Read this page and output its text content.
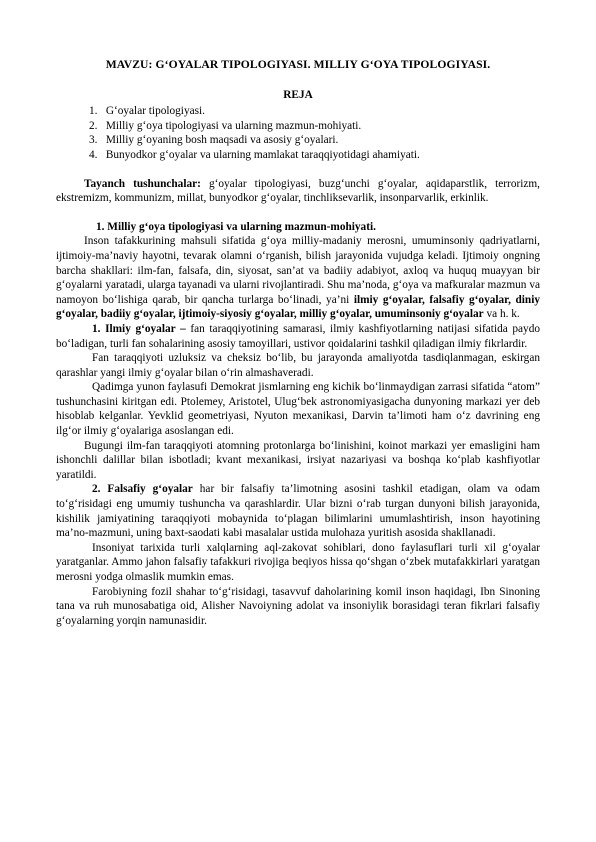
MAVZU: G‘OYALAR TIPOLOGIYASI. MILLIY G‘OYA TIPOLOGIYASI.
REJA
1. G‘oyalar tipologiyasi.
2. Milliy g‘oya tipologiyasi va ularning mazmun-mohiyati.
3. Milliy g‘oyaning bosh maqsadi va asosiy g‘oyalari.
4. Bunyodkor g‘oyalar va ularning mamlakat taraqqiyotidagi ahamiyati.

Tayanch tushunchalar: g‘oyalar tipologiyasi, buzg‘unchi g‘oyalar, aqidaparstlik, terrorizm, ekstremizm, kommunizm, millat, bunyodkor g‘oyalar, tinchliksevarlik, insonparvarlik, erkinlik.

1. Milliy g‘oya tipologiyasi va ularning mazmun-mohiyati.

Inson tafakkurining mahsuli sifatida g‘oya milliy-madaniy merosni, umuminsoniy qadriyatlarni, ijtimoiy-ma’naviy hayotni, tevarak olamni o‘rganish, bilish jarayonida vujudga keladi. Ijtimoiy ongning barcha shakllari: ilm-fan, falsafa, din, siyosat, san’at va badiiy adabiyot, axloq va huquq muayyan bir g‘oyalarni yaratadi, ularga tayanadi va ularni rivojlantiradi. Shu ma’noda, g‘oya va mafkuralar mazmun va namoyon bo‘lishiga qarab, bir qancha turlarga bo‘linadi, ya’ni ilmiy g‘oyalar, falsafiy g‘oyalar, diniy g‘oyalar, badiiy g‘oyalar, ijtimoiy-siyosiy g‘oyalar, milliy g‘oyalar, umuminsoniy g‘oyalar va h. k.

1. Ilmiy g‘oyalar – fan taraqqiyotining samarasi, ilmiy kashfiyotlarning natijasi sifatida paydo bo‘ladigan, turli fan sohalarining asosiy tamoyillari, ustivor qoidalarini tashkil qiladigan ilmiy fikrlardir.

Fan taraqqiyoti uzluksiz va cheksiz bo‘lib, bu jarayonda amaliyotda tasdiqlanmagan, eskirgan qarashlar yangi ilmiy g‘oyalar bilan o‘rin almashaveradi.

Qadimga yunon faylasufi Demokrat jismlarning eng kichik bo‘linmaydigan zarrasi sifatida “atom” tushunchasini kiritgan edi. Ptolemey, Aristotel, Ulug‘bek astronomiyasigacha dunyoning markazi yer deb hisoblab kelganlar. Yevklid geometriyasi, Nyuton mexanikasi, Darvin ta’limoti ham o‘z davrining eng ilg‘or ilmiy g‘oyalariga asoslangan edi.

Bugungi ilm-fan taraqqiyoti atomning protonlarga bo‘linishini, koinot markazi yer emasligini ham ishonchli dalillar bilan isbotladi; kvant mexanikasi, irsiyat nazariyasi va boshqa ko‘plab kashfiyotlar yaratildi.

2. Falsafiy g‘oyalar har bir falsafiy ta’limotning asosini tashkil etadigan, olam va odam to‘g‘risidagi eng umumiy tushuncha va qarashlardir. Ular bizni o‘rab turgan dunyoni bilish jarayonida, kishilik jamiyatining taraqqiyoti mobaynida to‘plagan bilimlarini umumlashtirish, inson hayotining ma’no-mazmuni, uning baxt-saodati kabi masalalar ustida mulohaza yuritish asosida shakllanadi.

Insoniyat tarixida turli xalqlarning aql-zakovat sohiblari, dono faylasuflari turli xil g‘oyalar yaratganlar. Ammo jahon falsafiy tafakkuri rivojiga beqiyos hissa qo‘shgan o‘zbek mutafakkirlari yaratgan merosni yodga olmaslik mumkin emas.

Farobiyning fozil shahar to‘g‘risidagi, tasavvuf daholarining komil inson haqidagi, Ibn Sinoning tana va ruh munosabatiga oid, Alisher Navoiyning adolat va insoniylik borasidagi teran fikrlari falsafiy g‘oyalarning yorqin namunasidir.
